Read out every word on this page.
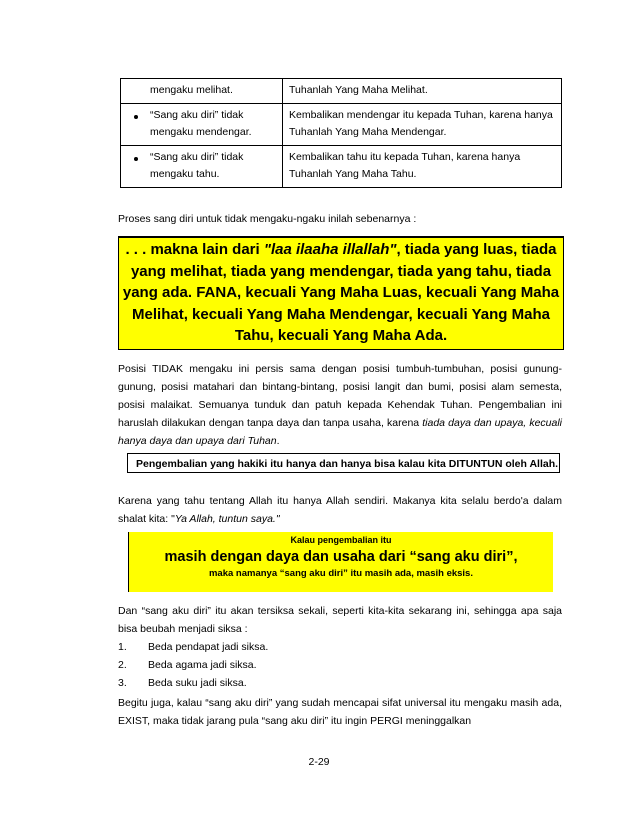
mengaku melihat.	Tuhanlah Yang Maha Melihat.

“Sang aku diri” tidak mengaku mendengar.	Kembalikan mendengar itu kepada Tuhan, karena hanya Tuhanlah Yang Maha Mendengar.

“Sang aku diri” tidak mengaku tahu.	Kembalikan tahu itu kepada Tuhan, karena hanya Tuhanlah Yang Maha Tahu.
Proses sang diri untuk tidak mengaku-ngaku inilah sebenarnya :
. . . makna lain dari "laa ilaaha illallah", tiada yang luas, tiada yang melihat, tiada yang mendengar, tiada yang tahu, tiada yang ada. FANA, kecuali Yang Maha Luas, kecuali Yang Maha Melihat, kecuali Yang Maha Mendengar, kecuali Yang Maha Tahu, kecuali Yang Maha Ada.
Posisi TIDAK mengaku ini persis sama dengan posisi tumbuh-tumbuhan, posisi gunung-gunung, posisi matahari dan bintang-bintang, posisi langit dan bumi, posisi alam semesta, posisi malaikat. Semuanya tunduk dan patuh kepada Kehendak Tuhan. Pengembalian ini haruslah dilakukan dengan tanpa daya dan tanpa usaha, karena tiada daya dan upaya, kecuali hanya daya dan upaya dari Tuhan.
Pengembalian yang hakiki itu hanya dan hanya bisa kalau kita DITUNTUN oleh Allah.
Karena yang tahu tentang Allah itu hanya Allah sendiri. Makanya kita selalu berdo'a dalam shalat kita: "Ya Allah, tuntun saya."
Kalau pengembalian itu
masih dengan daya dan usaha dari “sang aku diri”,
maka namanya “sang aku diri” itu masih ada, masih eksis.
Dan “sang aku diri” itu akan tersiksa sekali, seperti kita-kita sekarang ini, sehingga apa saja bisa beubah menjadi siksa :
1. Beda pendapat jadi siksa.
2. Beda agama jadi siksa.
3. Beda suku jadi siksa.
Begitu juga, kalau “sang aku diri” yang sudah mencapai sifat universal itu mengaku masih ada, EXIST, maka tidak jarang pula “sang aku diri” itu ingin PERGI meninggalkan
2-29
